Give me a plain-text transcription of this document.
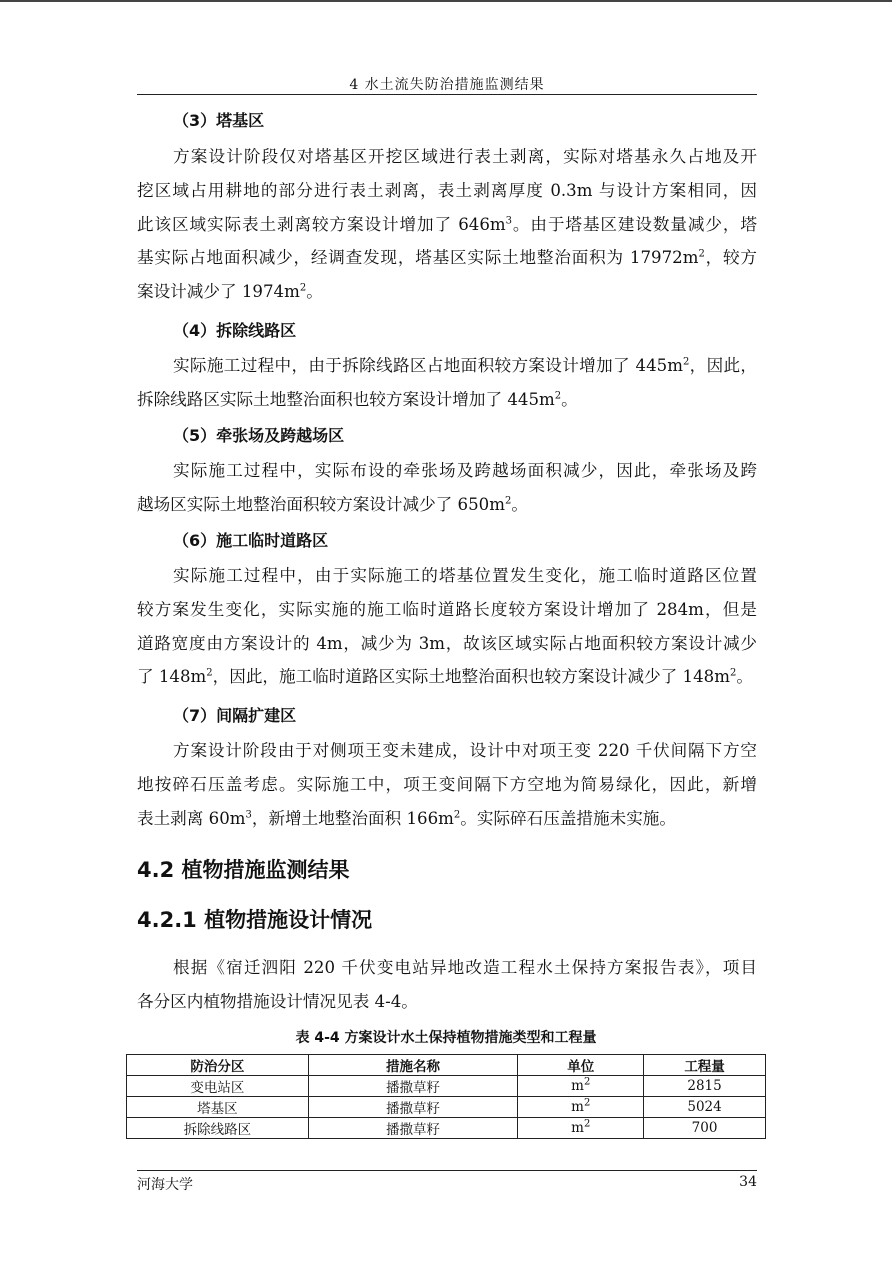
4 水土流失防治措施监测结果
（3）塔基区
方案设计阶段仅对塔基区开挖区域进行表土剥离，实际对塔基永久占地及开
挖区域占用耕地的部分进行表土剥离，表土剥离厚度 0.3m 与设计方案相同，因
此该区域实际表土剥离较方案设计增加了 $646m^3$。由于塔基区建设数量减少，塔
基实际占地面积减少，经调查发现，塔基区实际土地整治面积为 $17972m^2$，较方
案设计减少了 $1974m^2$。
（4）拆除线路区
实际施工过程中，由于拆除线路区占地面积较方案设计增加了 $445m^2$，因此，
拆除线路区实际土地整治面积也较方案设计增加了 $445m^2$。
（5）牵张场及跨越场区
实际施工过程中，实际布设的牵张场及跨越场面积减少，因此，牵张场及跨
越场区实际土地整治面积较方案设计减少了 $650m^2$。
（6）施工临时道路区
实际施工过程中，由于实际施工的塔基位置发生变化，施工临时道路区位置
较方案发生变化，实际实施的施工临时道路长度较方案设计增加了 284m，但是
道路宽度由方案设计的 4m，减少为 3m，故该区域实际占地面积较方案设计减少
了 $148m^2$，因此，施工临时道路区实际土地整治面积也较方案设计减少了 $148m^2$。
（7）间隔扩建区
方案设计阶段由于对侧项王变未建成，设计中对项王变 220 千伏间隔下方空
地按碎石压盖考虑。实际施工中，项王变间隔下方空地为简易绿化，因此，新增
表土剥离 $60m^3$，新增土地整治面积 $166m^2$。实际碎石压盖措施未实施。
4.2 植物措施监测结果
4.2.1 植物措施设计情况
根据《宿迁泗阳 220 千伏变电站异地改造工程水土保持方案报告表》，项目
各分区内植物措施设计情况见表 4-4。
表 4-4 方案设计水土保持植物措施类型和工程量
防治分区	措施名称	单位	工程量
变电站区	播撒草籽	$m^2$	2815
塔基区	播撒草籽	$m^2$	5024
拆除线路区	播撒草籽	$m^2$	700
河海大学	34
